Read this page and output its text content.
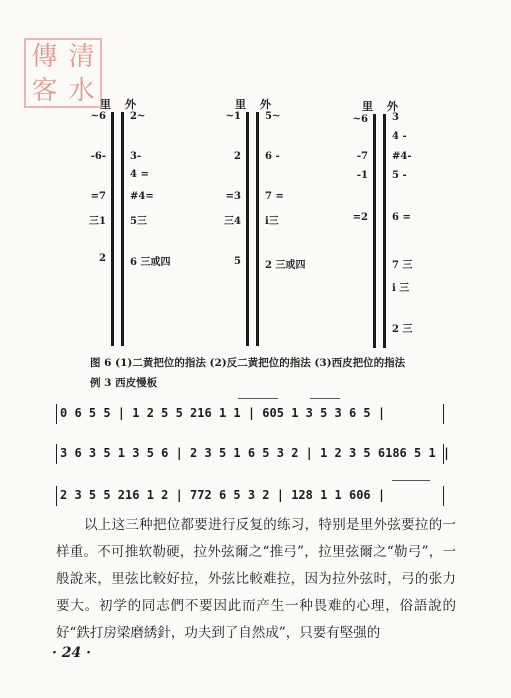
傳 清
客 水 里 外
~6
-6-
=7
三1
2
2~
3-
4 =
#4=
5三
6 三或四
里 外
~1
2
=3
三4
5
5~
6 -
7 =
i三
2 三或四
里 外
~6
-7
-1
=2
3
4 -
#4-
5 -
6 =
7 三
i 三
2 三
图 6 (1)二黄把位的指法 (2)反二黄把位的指法 (3)西皮把位的指法
例 3 西皮慢板
0 6 5 5 | 1 2 5 5 216 1 1 | 605 1 3 5 3 6 5 |
3 6 3 5 1 3 5 6 | 2 3 5 1 6 5 3 2 | 1 2 3 5 6186 5 1 |
2 3 5 5 216 1 2 | 772 6 5 3 2 | 128 1 1 606 |

以上这三种把位都要进行反复的练习，特别是里外弦要拉的一样重。不可推软勒硬，拉外弦爾之“推弓”，拉里弦爾之“勒弓”，一般說来，里弦比較好拉，外弦比較难拉，因为拉外弦时，弓的张力要大。初学的同志們不要因此而产生一种畏难的心理，俗語說的好“鉄打房梁磨綉針，功夫到了自然成”，只要有堅强的

· 24 ·
